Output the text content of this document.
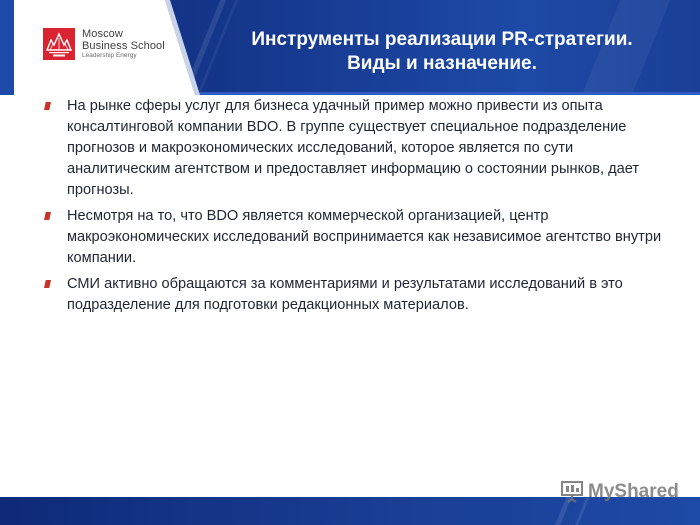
Moscow
Business School
Leadership Energy
Инструменты реализации PR-стратегии.
Виды и назначение.
На рынке сферы услуг для бизнеса удачный пример можно привести из опыта консалтинговой компании BDO. В группе существует специальное подразделение прогнозов и макроэкономических исследований, которое является по сути аналитическим агентством и предоставляет информацию о состоянии рынков, дает прогнозы.
Несмотря на то, что BDO является коммерческой организацией, центр макроэкономических исследований воспринимается как независимое агентство внутри компании.
СМИ активно обращаются за комментариями и результатами исследований в это подразделение для подготовки редакционных материалов.
MyShared
